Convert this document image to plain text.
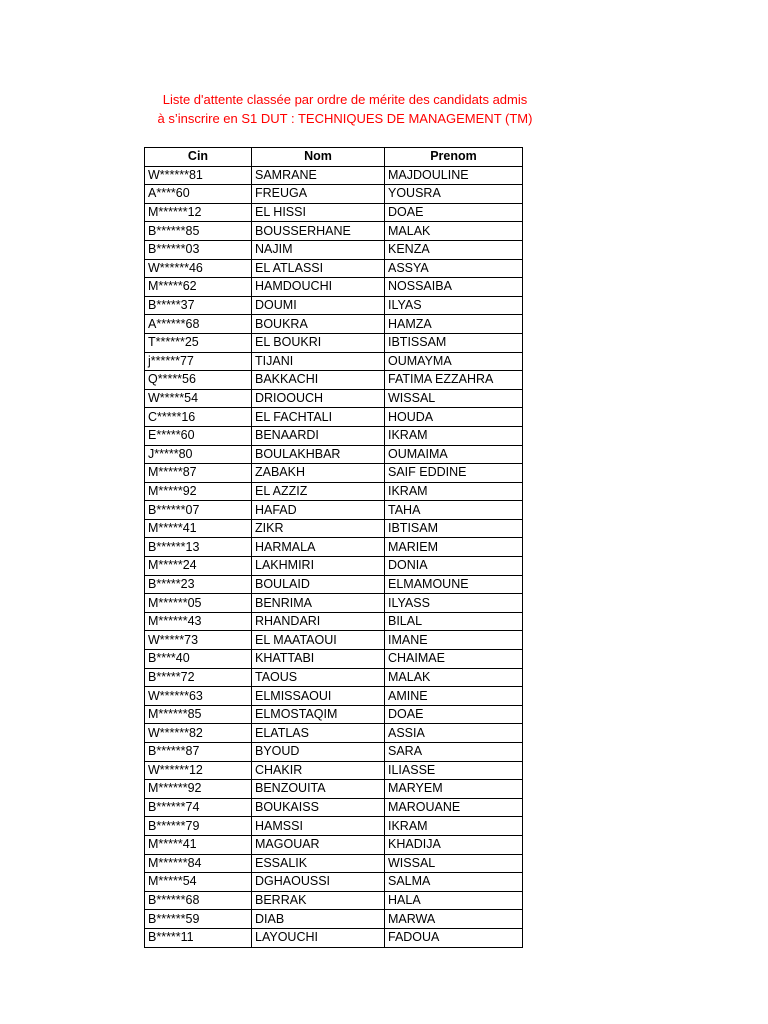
Liste d'attente classée par ordre de mérite des candidats admis
à s’inscrire en S1 DUT : TECHNIQUES DE MANAGEMENT (TM)
Cin	Nom	Prenom
W******81	SAMRANE	MAJDOULINE
A****60	FREUGA	YOUSRA
M******12	EL HISSI	DOAE
B******85	BOUSSERHANE	MALAK
B******03	NAJIM	KENZA
W******46	EL ATLASSI	ASSYA
M*****62	HAMDOUCHI	NOSSAIBA
B*****37	DOUMI	ILYAS
A******68	BOUKRA	HAMZA
T******25	EL BOUKRI	IBTISSAM
j******77	TIJANI	OUMAYMA
Q*****56	BAKKACHI	FATIMA EZZAHRA
W*****54	DRIOOUCH	WISSAL
C*****16	EL FACHTALI	HOUDA
E*****60	BENAARDI	IKRAM
J*****80	BOULAKHBAR	OUMAIMA
M*****87	ZABAKH	SAIF EDDINE
M*****92	EL AZZIZ	IKRAM
B******07	HAFAD	TAHA
M*****41	ZIKR	IBTISAM
B******13	HARMALA	MARIEM
M*****24	LAKHMIRI	DONIA
B*****23	BOULAID	ELMAMOUNE
M******05	BENRIMA	ILYASS
M******43	RHANDARI	BILAL
W*****73	EL MAATAOUI	IMANE
B****40	KHATTABI	CHAIMAE
B*****72	TAOUS	MALAK
W******63	ELMISSAOUI	AMINE
M******85	ELMOSTAQIM	DOAE
W******82	ELATLAS	ASSIA
B******87	BYOUD	SARA
W******12	CHAKIR	ILIASSE
M******92	BENZOUITA	MARYEM
B******74	BOUKAISS	MAROUANE
B******79	HAMSSI	IKRAM
M*****41	MAGOUAR	KHADIJA
M******84	ESSALIK	WISSAL
M*****54	DGHAOUSSI	SALMA
B******68	BERRAK	HALA
B******59	DIAB	MARWA
B*****11	LAYOUCHI	FADOUA
